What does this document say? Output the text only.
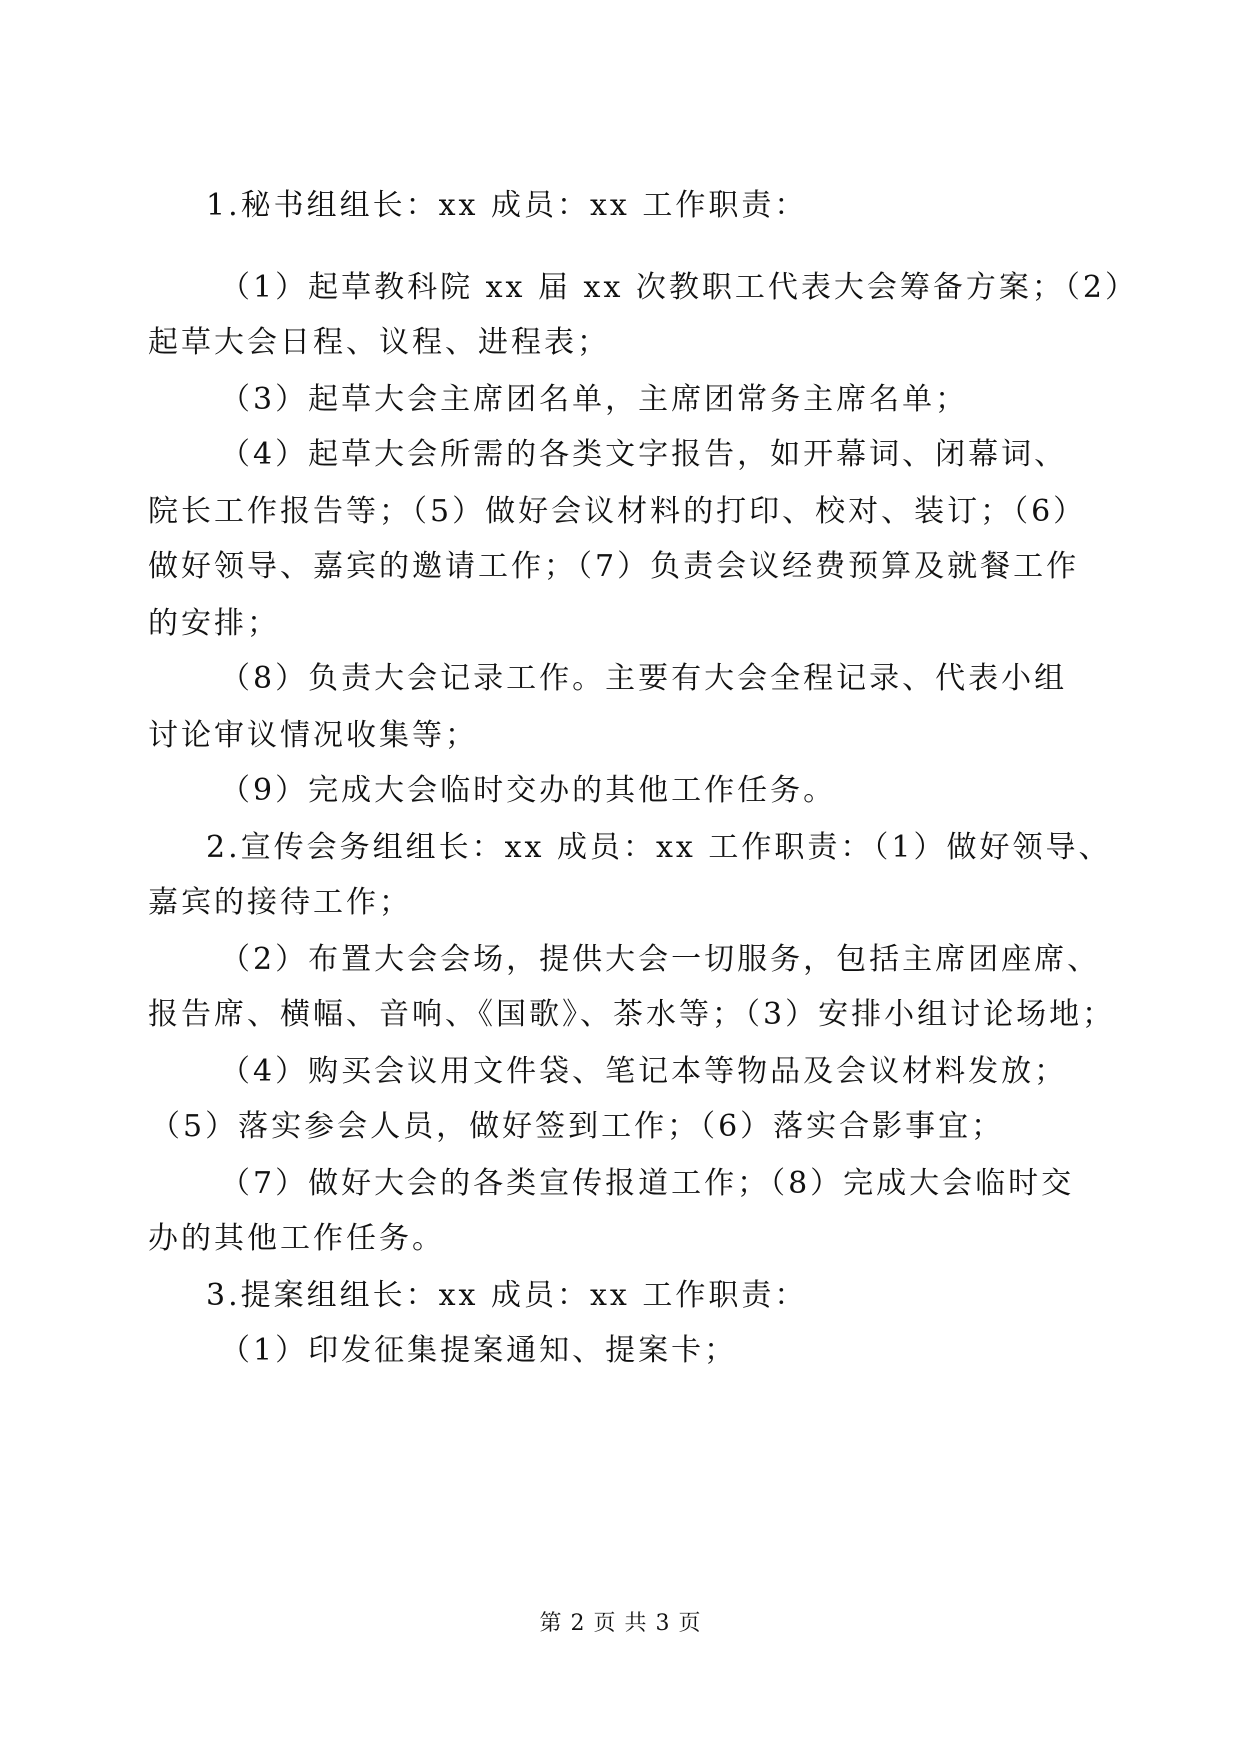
1.秘书组组长：xx 成员：xx 工作职责：
（1）起草教科院 xx 届 xx 次教职工代表大会筹备方案；（2）
起草大会日程、议程、进程表；
（3）起草大会主席团名单，主席团常务主席名单；
（4）起草大会所需的各类文字报告，如开幕词、闭幕词、
院长工作报告等；（5）做好会议材料的打印、校对、装订；（6）
做好领导、嘉宾的邀请工作；（7）负责会议经费预算及就餐工作
的安排；
（8）负责大会记录工作。主要有大会全程记录、代表小组
讨论审议情况收集等；
（9）完成大会临时交办的其他工作任务。
2.宣传会务组组长：xx 成员：xx 工作职责：（1）做好领导、
嘉宾的接待工作；
（2）布置大会会场，提供大会一切服务，包括主席团座席、
报告席、横幅、音响、《国歌》、茶水等；（3）安排小组讨论场地；
（4）购买会议用文件袋、笔记本等物品及会议材料发放；
（5）落实参会人员，做好签到工作；（6）落实合影事宜；
（7）做好大会的各类宣传报道工作；（8）完成大会临时交
办的其他工作任务。
3.提案组组长：xx 成员：xx 工作职责：
（1）印发征集提案通知、提案卡；
第 2 页 共 3 页
